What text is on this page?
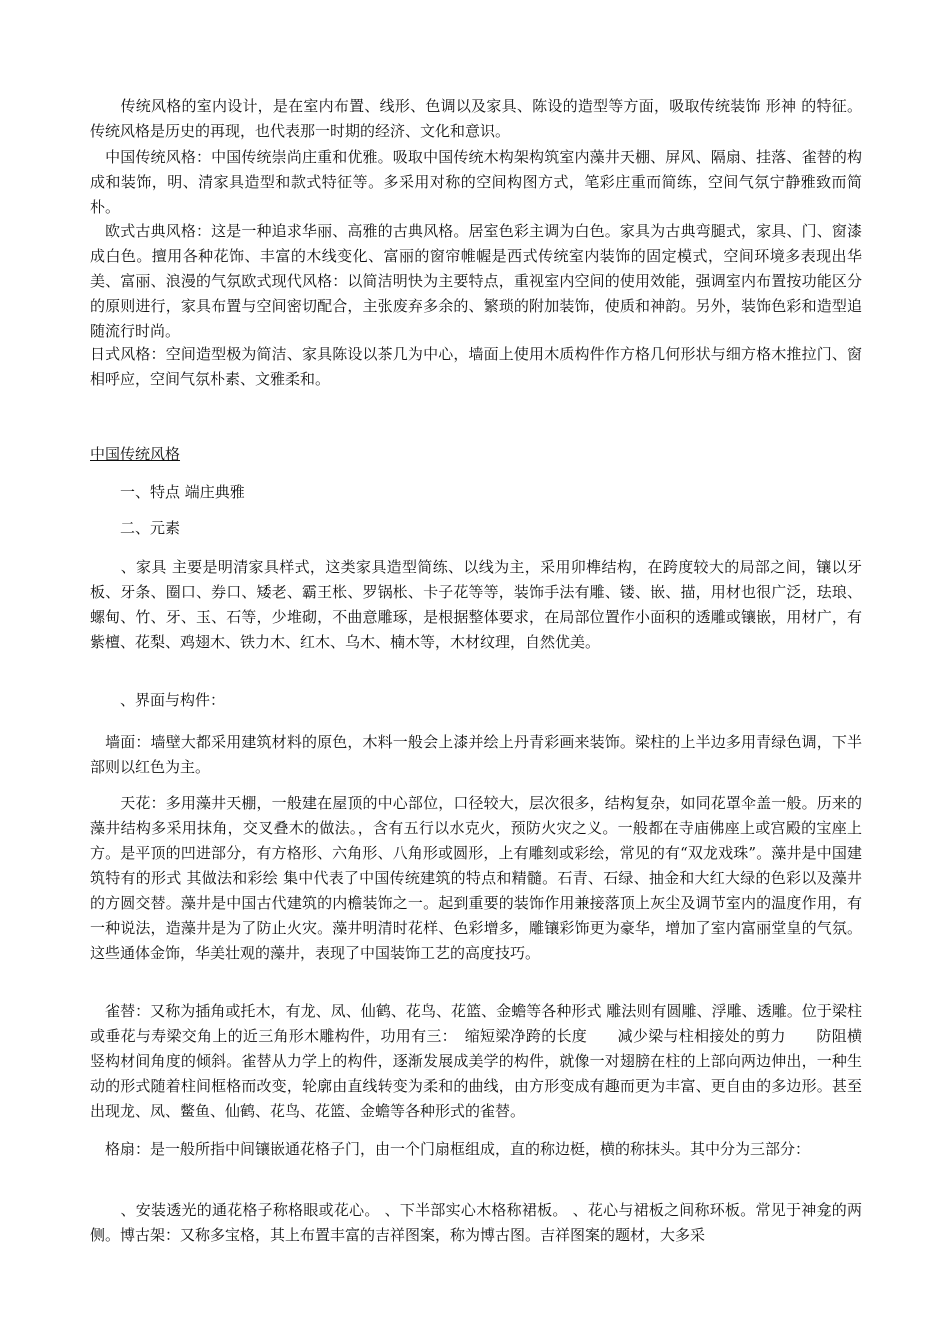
　　传统风格的室内设计，是在室内布置、线形、色调以及家具、陈设的造型等方面，吸取传统装饰 形神 的特征。传统风格是历史的再现，也代表那一时期的经济、文化和意识。

　中国传统风格：中国传统崇尚庄重和优雅。吸取中国传统木构架构筑室内藻井天棚、屏风、隔扇、挂落、雀替的构成和装饰，明、清家具造型和款式特征等。多采用对称的空间构图方式，笔彩庄重而简练，空间气氛宁静雅致而简朴。

　欧式古典风格：这是一种追求华丽、高雅的古典风格。居室色彩主调为白色。家具为古典弯腿式，家具、门、窗漆成白色。擅用各种花饰、丰富的木线变化、富丽的窗帘帷幄是西式传统室内装饰的固定模式，空间环境多表现出华美、富丽、浪漫的气氛欧式现代风格：以简洁明快为主要特点，重视室内空间的使用效能，强调室内布置按功能区分的原则进行，家具布置与空间密切配合，主张废弃多余的、繁琐的附加装饰，使质和神韵。另外，装饰色彩和造型追随流行时尚。

日式风格：空间造型极为简洁、家具陈设以茶几为中心，墙面上使用木质构件作方格几何形状与细方格木推拉门、窗相呼应，空间气氛朴素、文雅柔和。

中国传统风格

一、特点 端庄典雅

二、元素

　　、家具 主要是明清家具样式，这类家具造型简练、以线为主，采用卯榫结构，在跨度较大的局部之间，镶以牙板、牙条、圈口、券口、矮老、霸王枨、罗锅枨、卡子花等等，装饰手法有雕、镂、嵌、描，用材也很广泛，珐琅、螺甸、竹、牙、玉、石等，少堆砌，不曲意雕琢，是根据整体要求，在局部位置作小面积的透雕或镶嵌，用材广，有紫檀、花梨、鸡翅木、铁力木、红木、乌木、楠木等，木材纹理，自然优美。

、界面与构件：

　墙面：墙壁大都采用建筑材料的原色，木料一般会上漆并绘上丹青彩画来装饰。梁柱的上半边多用青绿色调，下半部则以红色为主。

　　天花：多用藻井天棚，一般建在屋顶的中心部位，口径较大，层次很多，结构复杂，如同花罩伞盖一般。历来的藻井结构多采用抹角，交叉叠木的做法。，含有五行以水克火，预防火灾之义。一般都在寺庙佛座上或宫殿的宝座上 方。是平顶的凹进部分，有方格形、六角形、八角形或圆形，上有雕刻或彩绘，常见的有“双龙戏珠”。藻井是中国建筑特有的形式 其做法和彩绘 集中代表了中国传统建筑的特点和精髓。石青、石绿、抽金和大红大绿的色彩以及藻井的方圆交替。藻井是中国古代建筑的内檐装饰之一。起到重要的装饰作用兼接落顶上灰尘及调节室内的温度作用，有一种说法，造藻井是为了防止火灾。藻井明清时花样、色彩增多，雕镶彩饰更为豪华，增加了室内富丽堂皇的气氛。这些通体金饰，华美壮观的藻井，表现了中国装饰工艺的高度技巧。

　雀替：又称为插角或托木，有龙、凤、仙鹤、花鸟、花篮、金蟾等各种形式 雕法则有圆雕、浮雕、透雕。位于梁柱或垂花与寿梁交角上的近三角形木雕构件，功用有三：　缩短梁净跨的长度　　减少梁与柱相接处的剪力　　防阻横竖构材间角度的倾斜。雀替从力学上的构件，逐渐发展成美学的构件，就像一对翅膀在柱的上部向两边伸出，一种生动的形式随着柱间框格而改变，轮廓由直线转变为柔和的曲线，由方形变成有趣而更为丰富、更自由的多边形。甚至出现龙、凤、鳖鱼、仙鹤、花鸟、花篮、金蟾等各种形式的雀替。

　格扇：是一般所指中间镶嵌通花格子门，由一个门扇框组成，直的称边梃，横的称抹头。其中分为三部分：

　　、安装透光的通花格子称格眼或花心。 、下半部实心木格称裙板。 、花心与裙板之间称环板。常见于神龛的两侧。博古架：又称多宝格，其上布置丰富的吉祥图案，称为博古图。吉祥图案的题材，大多采
